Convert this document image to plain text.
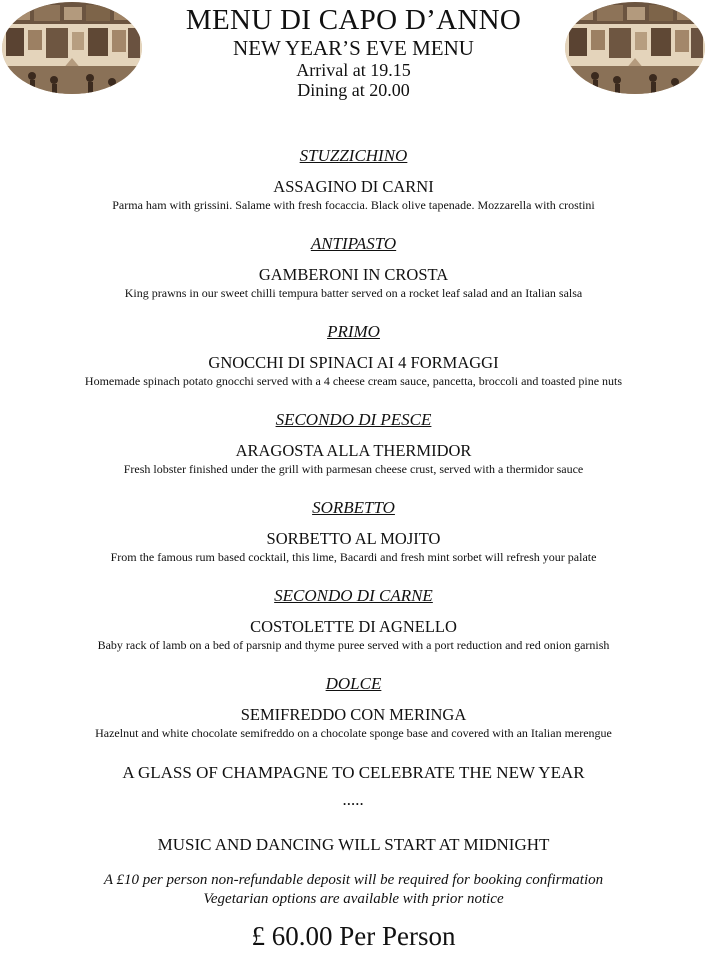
MENU DI CAPO D’ANNO
NEW YEAR’S EVE MENU
Arrival at 19.15
Dining at 20.00
STUZZICHINO
ASSAGINO DI CARNI
Parma ham with grissini. Salame with fresh focaccia. Black olive tapenade. Mozzarella with crostini
ANTIPASTO
GAMBERONI IN CROSTA
King prawns in our sweet chilli tempura batter served on a rocket leaf salad and an Italian salsa
PRIMO
GNOCCHI DI SPINACI AI 4 FORMAGGI
Homemade spinach potato gnocchi served with a 4 cheese cream sauce, pancetta, broccoli and toasted pine nuts
SECONDO DI PESCE
ARAGOSTA ALLA THERMIDOR
Fresh lobster finished under the grill with parmesan cheese crust, served with a thermidor sauce
SORBETTO
SORBETTO AL MOJITO
From the famous rum based cocktail, this lime, Bacardi and fresh mint sorbet will refresh your palate
SECONDO DI CARNE
COSTOLETTE DI AGNELLO
Baby rack of lamb on a bed of parsnip and thyme puree served with a port reduction and red onion garnish
DOLCE
SEMIFREDDO CON MERINGA
Hazelnut and white chocolate semifreddo on a chocolate sponge base and covered with an Italian merengue
A GLASS OF CHAMPAGNE TO CELEBRATE THE NEW YEAR
.....
MUSIC AND DANCING WILL START AT MIDNIGHT
A £10 per person non-refundable deposit will be required for booking confirmation
Vegetarian options are available with prior notice
£ 60.00 Per Person
